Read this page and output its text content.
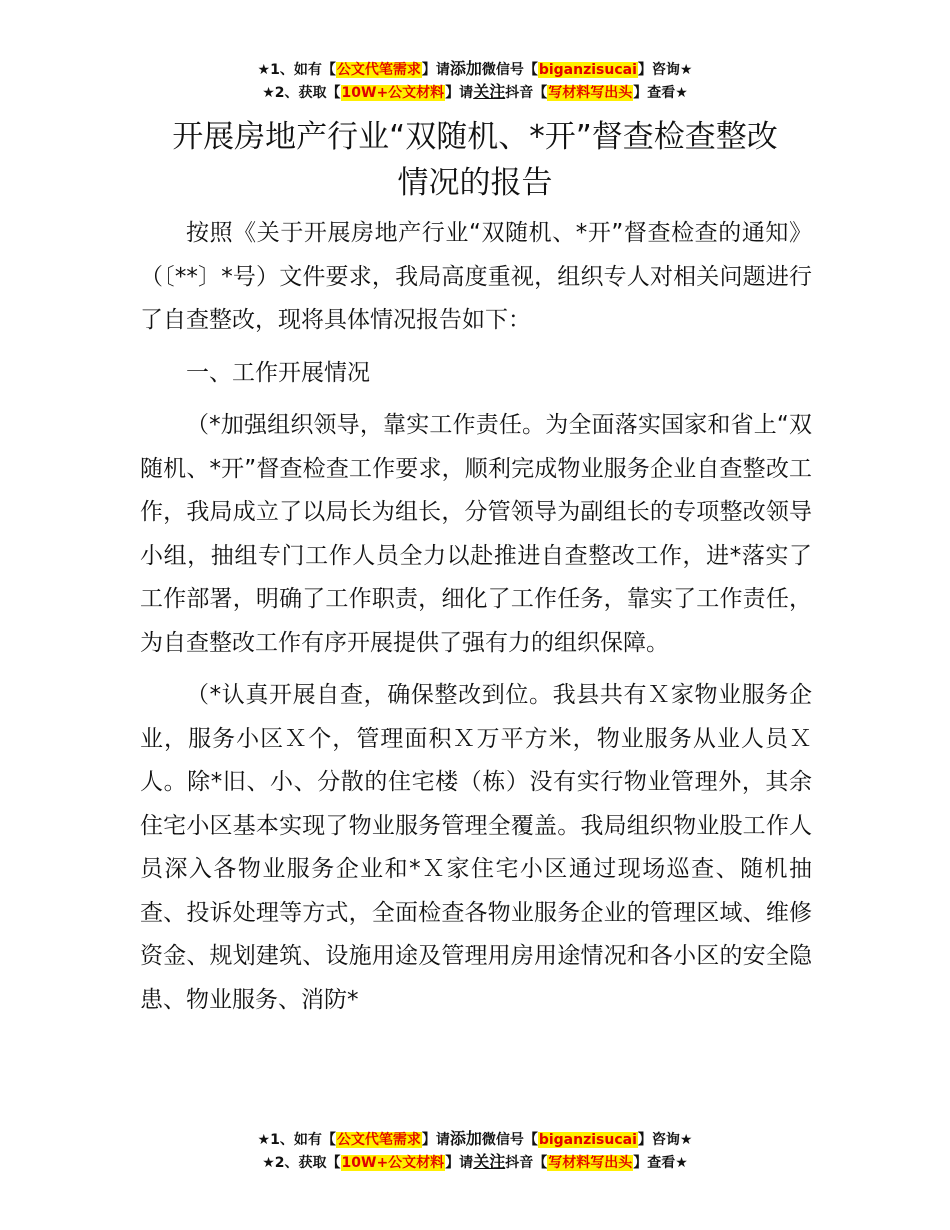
★1、如有【公文代笔需求】请添加微信号【biganzisucai】咨询★
★2、获取【10W+公文材料】请关注抖音【写材料写出头】查看★
开展房地产行业“双随机、*开”督查检查整改
情况的报告

按照《关于开展房地产行业“双随机、*开”督查检查的通知》（〔**〕*号）文件要求，我局高度重视，组织专人对相关问题进行了自查整改，现将具体情况报告如下：

一、工作开展情况

（*加强组织领导，靠实工作责任。为全面落实国家和省上“双随机、*开”督查检查工作要求，顺利完成物业服务企业自查整改工作，我局成立了以局长为组长，分管领导为副组长的专项整改领导小组，抽组专门工作人员全力以赴推进自查整改工作，进*落实了工作部署，明确了工作职责，细化了工作任务，靠实了工作责任，为自查整改工作有序开展提供了强有力的组织保障。

（*认真开展自查，确保整改到位。我县共有Ｘ家物业服务企业，服务小区Ｘ个，管理面积Ｘ万平方米，物业服务从业人员Ｘ人。除*旧、小、分散的住宅楼（栋）没有实行物业管理外，其余住宅小区基本实现了物业服务管理全覆盖。我局组织物业股工作人员深入各物业服务企业和*Ｘ家住宅小区通过现场巡查、随机抽查、投诉处理等方式，全面检查各物业服务企业的管理区域、维修资金、规划建筑、设施用途及管理用房用途情况和各小区的安全隐患、物业服务、消防*

★1、如有【公文代笔需求】请添加微信号【biganzisucai】咨询★
★2、获取【10W+公文材料】请关注抖音【写材料写出头】查看★
